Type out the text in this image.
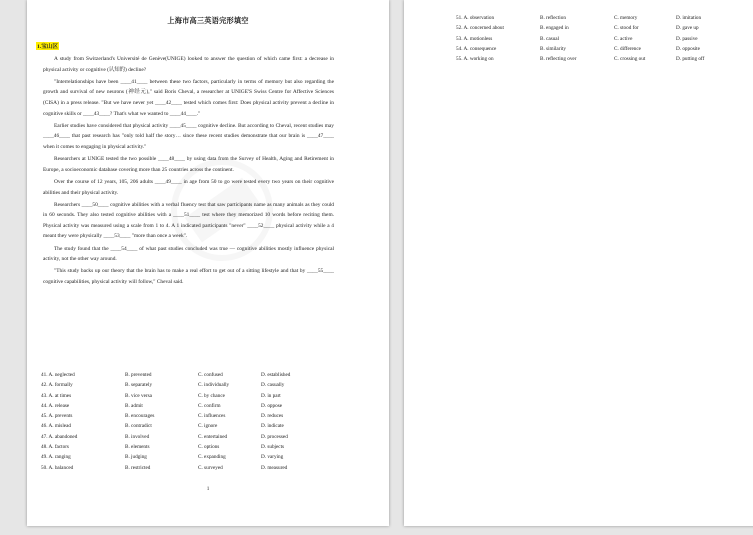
上海市高三英语完形填空
1.宝山区

A study from Switzerland's Université de Genève(UNIGE) looked to answer the question of which came first: a decrease in physical activity or cognitive (认知的) decline?

"Interrelationships have been ____41____ between these two factors, particularly in terms of memory but also regarding the growth and survival of new neurons (神经元)," said Boris Cheval, a researcher at UNIGE'S Swiss Centre for Affective Sciences (CISA) in a press release. "But we have never yet ____42____ tested which comes first: Does physical activity prevent a decline in cognitive skills or ____43____? That's what we wanted to ____44____."

Earlier studies have considered that physical activity ____45____ cognitive decline. But according to Cheval, recent studies may ____46____ that past research has "only told half the story… since these recent studies demonstrate that our brain is ____47____ when it comes to engaging in physical activity."

Researchers at UNIGE tested the two possible ____48____ by using data from the Survey of Health, Aging and Retirement in Europe, a socioeconomic database covering more than 25 countries across the continent.

Over the course of 12 years, 105, 206 adults ____49____ in age from 50 to go were tested every two years on their cognitive abilities and their physical activity.

Researchers ____50____ cognitive abilities with a verbal fluency test that saw participants name as many animals as they could in 60 seconds. They also tested cognitive abilities with a ____51____ test where they memorized 10 words before reciting them. Physical activity was measured using a scale from 1 to 4. A 1 indicated participants "never" ____52____ physical activity while a 4 meant they were physically ____53____ "more than once a week".

The study found that the ____54____ of what past studies concluded was true — cognitive abilities mostly influence physical activity, not the other way around.

"This study backs up our theory that the brain has to make a real effort to get out of a sitting lifestyle and that by ____55____ cognitive capabilities, physical activity will follow," Cheval said.

41. A. neglected	B. prevented	C. confused	D. established
42. A. formally	B. separately	C. individually	D. casually
43. A. at times	B. vice versa	C. by chance	D. in part
44. A. release	B. admit	C. confirm	D. oppose
45. A. prevents	B. encourages	C. influences	D. reduces
46. A. mislead	B. contradict	C. ignore	D. indicate
47. A. abandoned	B. involved	C. entertained	D. processed
48. A. factors	B. elements	C. options	D. subjects
49. A. ranging	B. judging	C. expanding	D. varying
50. A. balanced	B. restricted	C. surveyed	D. measured
1
51. A. observation	B. reflection	C. memory	D. imitation
52. A. concerned about	B. engaged in	C. stood for	D. gave up
53. A. motionless	B. casual	C. active	D. passive
54. A. consequence	B. similarity	C. difference	D. opposite
55. A. working on	B. reflecting over	C. crossing out	D. putting off
